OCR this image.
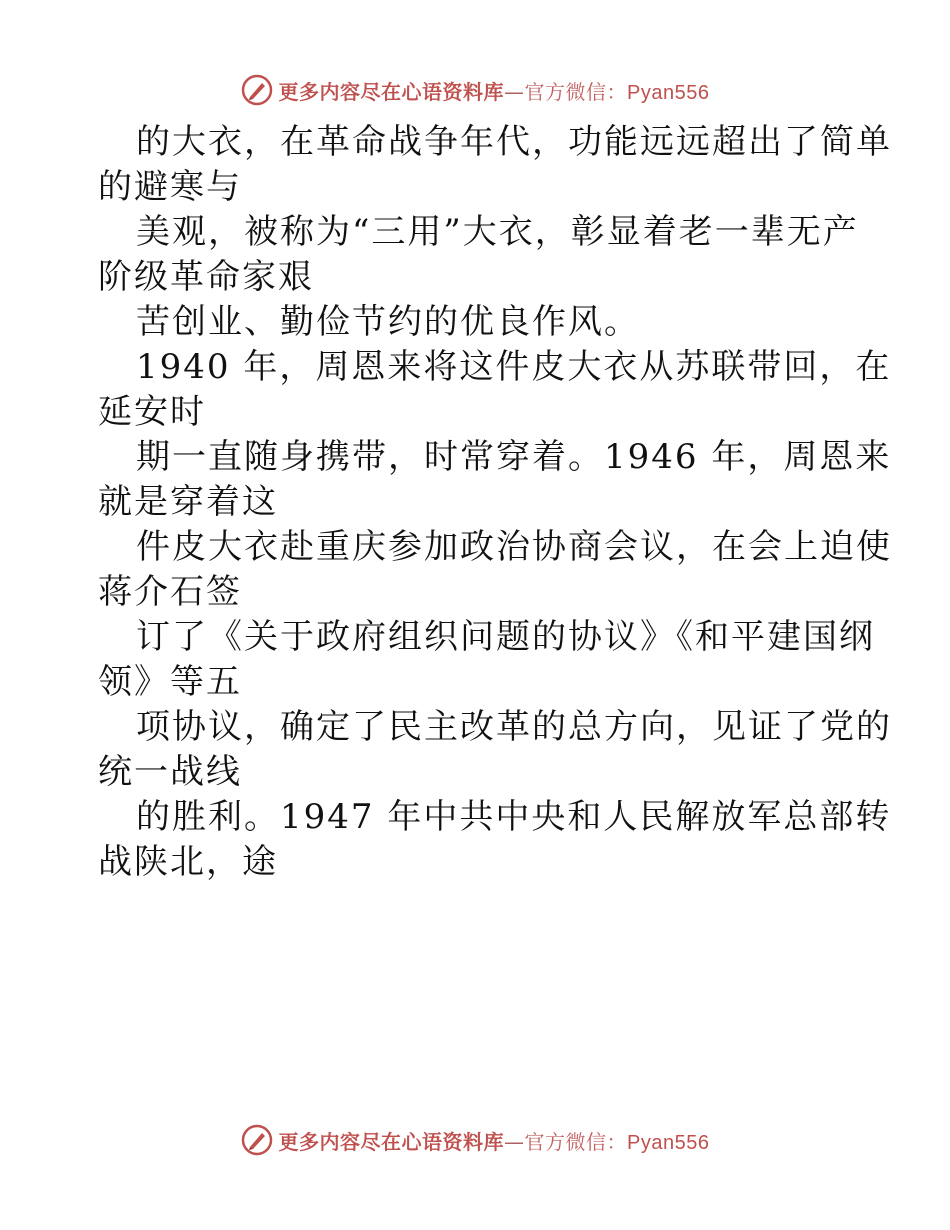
更多内容尽在心语资料库 — 官方微信： Pyan556

的大衣，在革命战争年代，功能远远超出了简单
的避寒与

美观，被称为“三用”大衣，彰显着老一辈无产
阶级革命家艰

苦创业、勤俭节约的优良作风。

1940 年，周恩来将这件皮大衣从苏联带回，在
延安时

期一直随身携带，时常穿着。1946 年，周恩来
就是穿着这

件皮大衣赴重庆参加政治协商会议，在会上迫使
蒋介石签

订了《关于政府组织问题的协议》《和平建国纲
领》等五

项协议，确定了民主改革的总方向，见证了党的
统一战线

的胜利。1947 年中共中央和人民解放军总部转
战陕北，途

更多内容尽在心语资料库 — 官方微信： Pyan556
